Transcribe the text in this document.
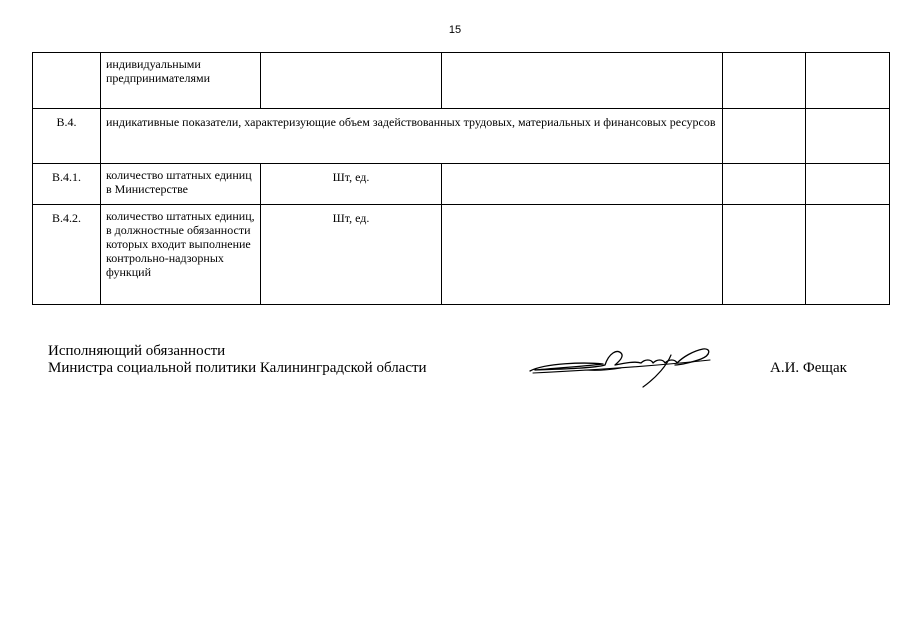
15

	индивидуальными предпринимателями				

В.4.	индикативные показатели, характеризующие объем задействованных трудовых, материальных и финансовых ресурсов				

В.4.1.	количество штатных единиц в Министерстве	Шт, ед.			

В.4.2.	количество штатных единиц, в должностные обязанности которых входит выполнение контрольно-надзорных функций	Шт, ед.			

Исполняющий обязанности
Министра социальной политики Калининградской области	А.И. Фещак
